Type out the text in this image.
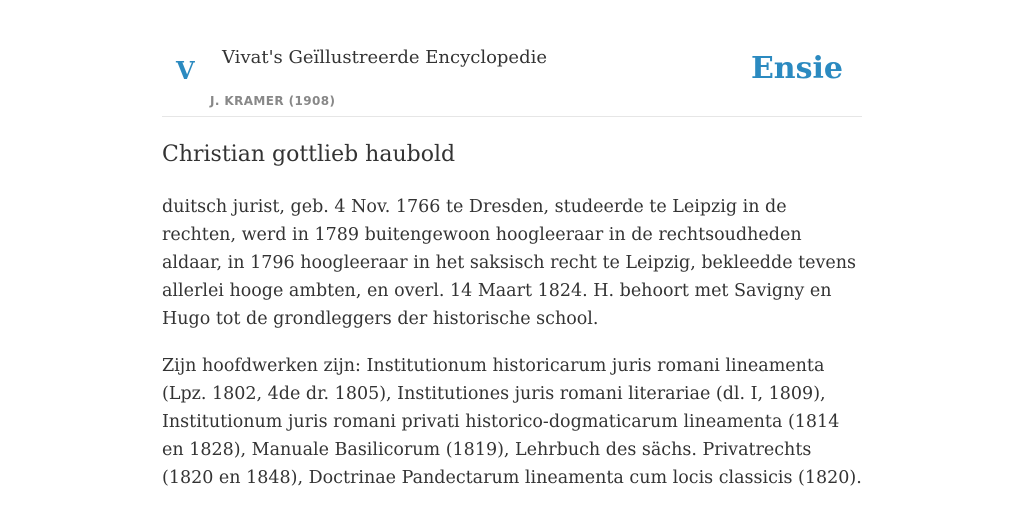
V Vivat's Geïllustreerde Encyclopedie
J. KRAMER (1908)
Ensie
Christian gottlieb haubold

duitsch jurist, geb. 4 Nov. 1766 te Dresden, studeerde te Leipzig in de rechten, werd in 1789 buitengewoon hoogleeraar in de rechtsoudheden aldaar, in 1796 hoogleeraar in het saksisch recht te Leipzig, bekleedde tevens allerlei hooge ambten, en overl. 14 Maart 1824. H. behoort met Savigny en Hugo tot de grondleggers der historische school.

Zijn hoofdwerken zijn: Institutionum historicarum juris romani lineamenta (Lpz. 1802, 4de dr. 1805), Institutiones juris romani literariae (dl. I, 1809), Institutionum juris romani privati historico-dogmaticarum lineamenta (1814 en 1828), Manuale Basilicorum (1819), Lehrbuch des sächs. Privatrechts (1820 en 1848), Doctrinae Pandectarum lineamenta cum locis classicis (1820).
